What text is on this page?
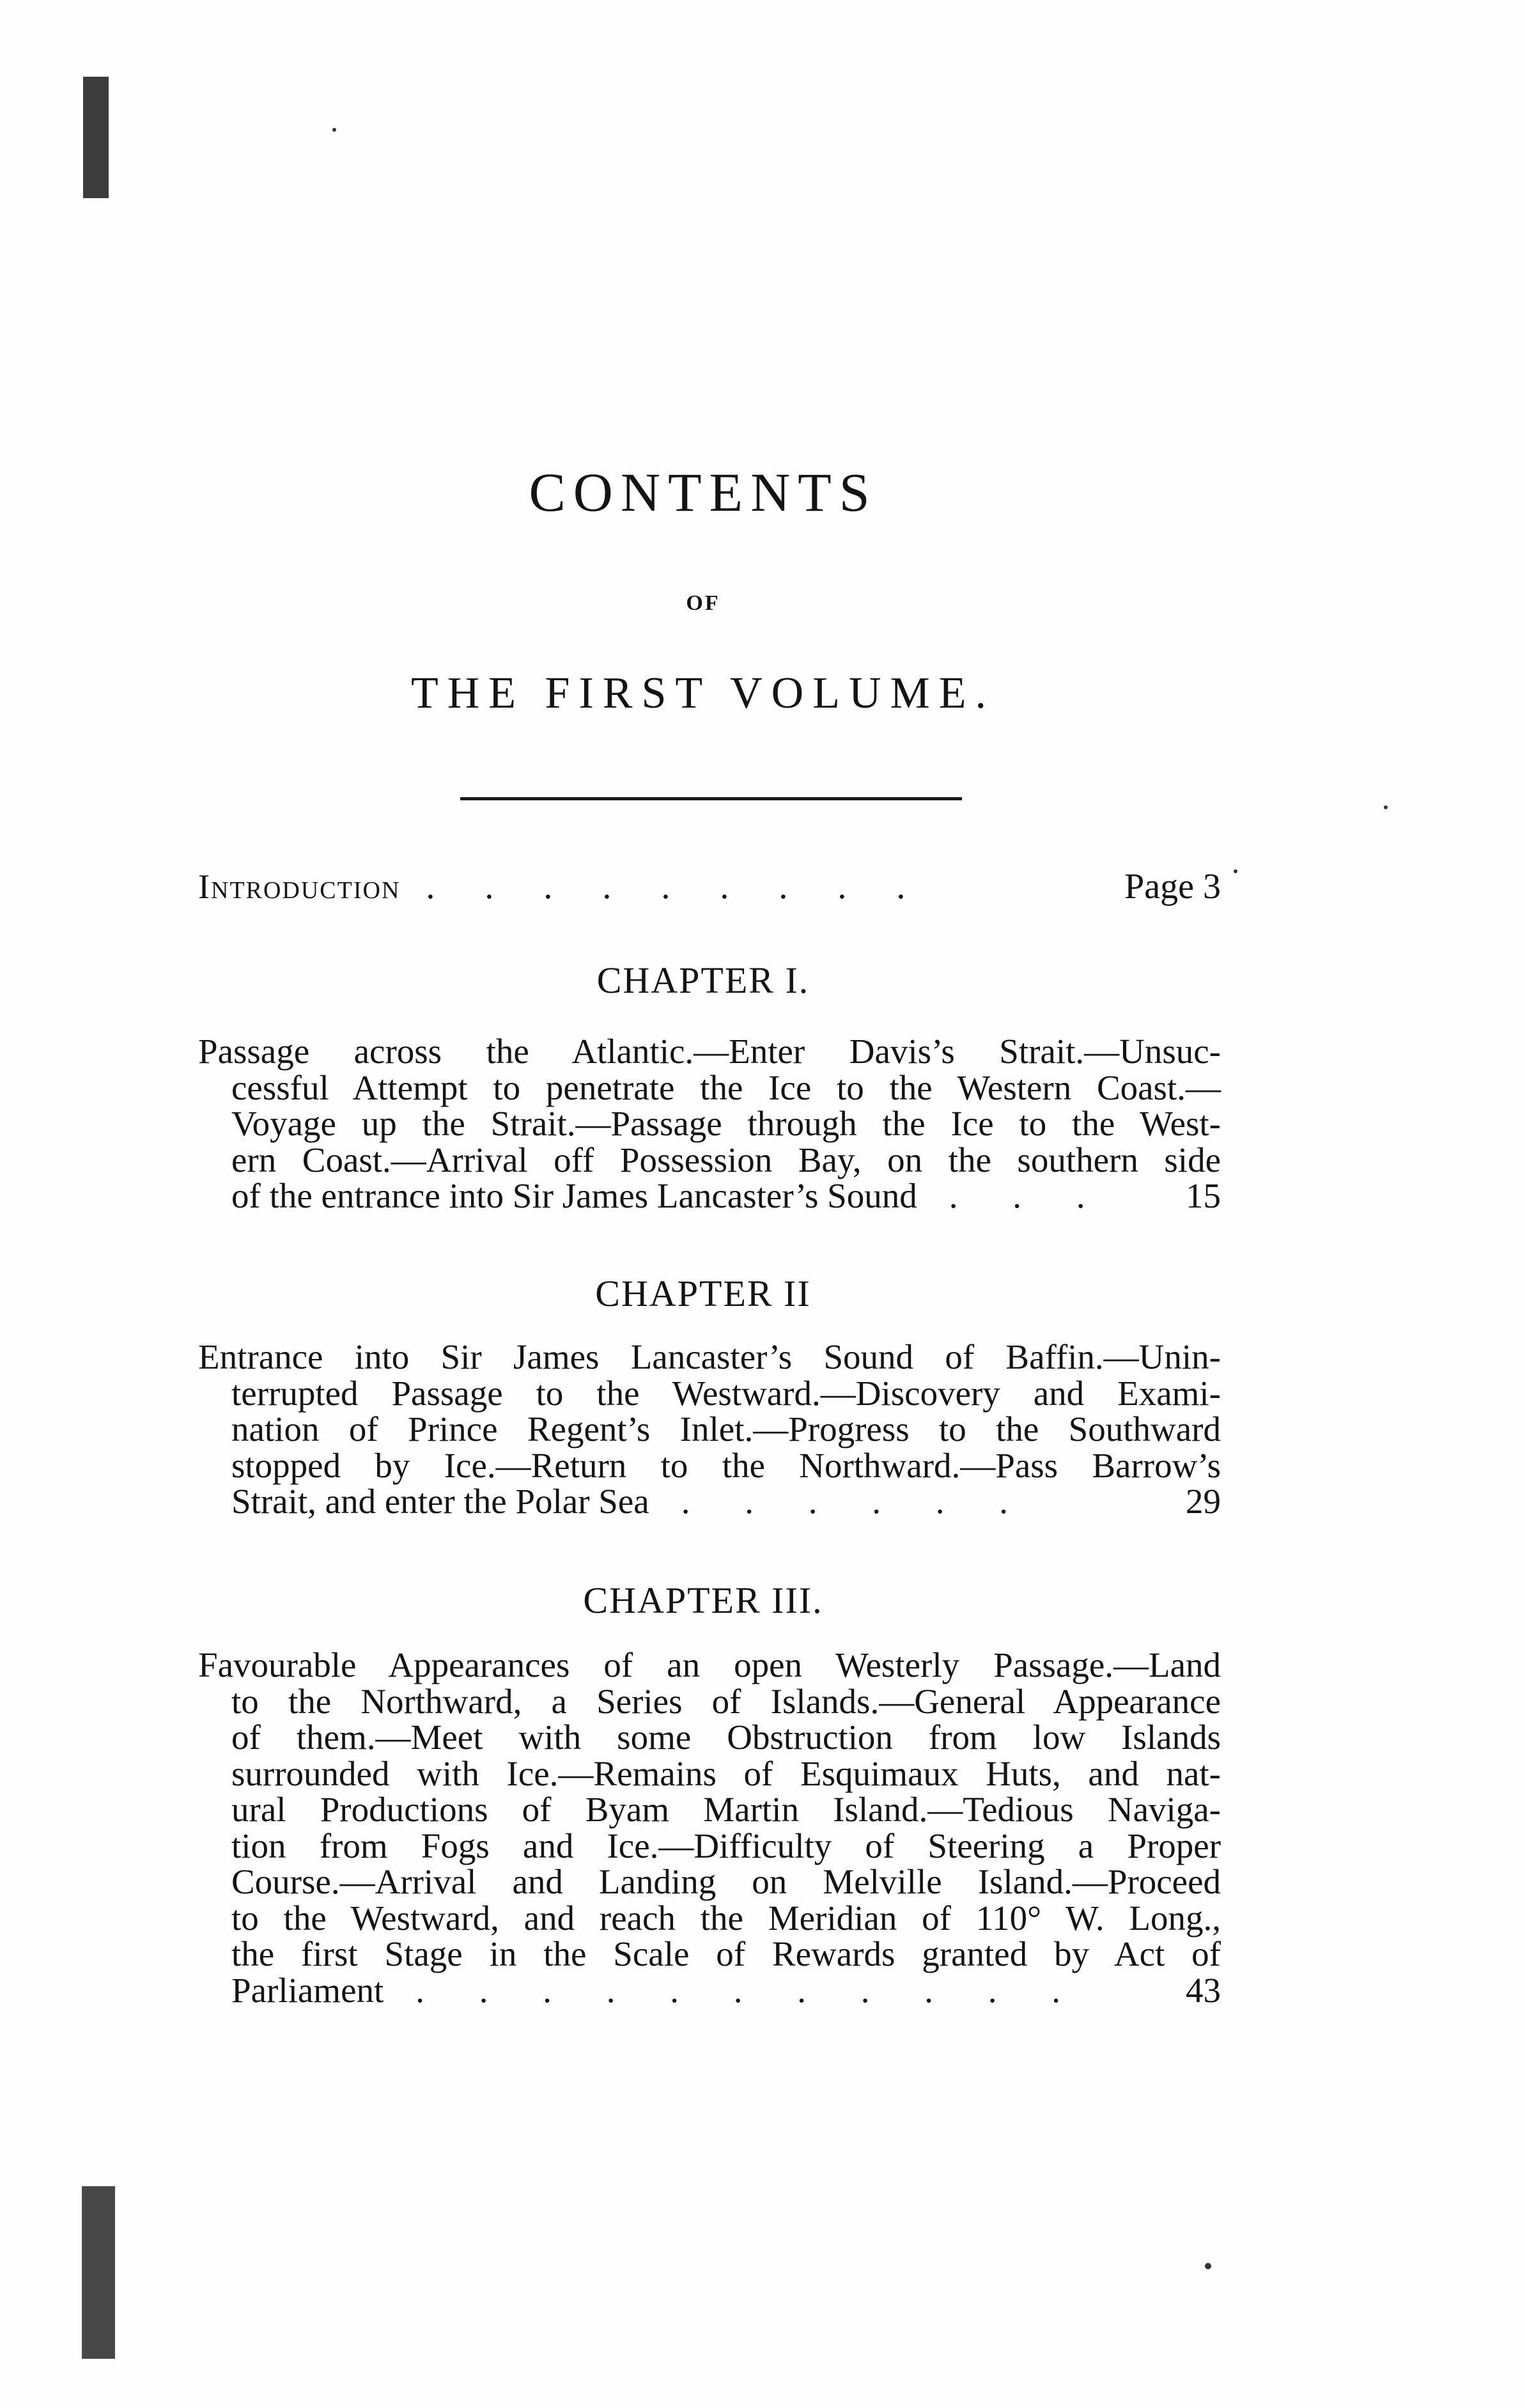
CONTENTS
OF
THE FIRST VOLUME.
Introduction . . . . . . . . .	Page 3
CHAPTER I.
Passage across the Atlantic.—Enter Davis’s Strait.—Unsuc-
cessful Attempt to penetrate the Ice to the Western Coast.—
Voyage up the Strait.—Passage through the Ice to the West-
ern Coast.—Arrival off Possession Bay, on the southern side
of the entrance into Sir James Lancaster’s Sound . . .	15
CHAPTER II
Entrance into Sir James Lancaster’s Sound of Baffin.—Unin-
terrupted Passage to the Westward.—Discovery and Exami-
nation of Prince Regent’s Inlet.—Progress to the Southward
stopped by Ice.—Return to the Northward.—Pass Barrow’s
Strait, and enter the Polar Sea . . . . . .	29
CHAPTER III.
Favourable Appearances of an open Westerly Passage.—Land
to the Northward, a Series of Islands.—General Appearance
of them.—Meet with some Obstruction from low Islands
surrounded with Ice.—Remains of Esquimaux Huts, and nat-
ural Productions of Byam Martin Island.—Tedious Naviga-
tion from Fogs and Ice.—Difficulty of Steering a Proper
Course.—Arrival and Landing on Melville Island.—Proceed
to the Westward, and reach the Meridian of 110° W. Long.,
the first Stage in the Scale of Rewards granted by Act of
Parliament . . . . . . . . . . .	43
